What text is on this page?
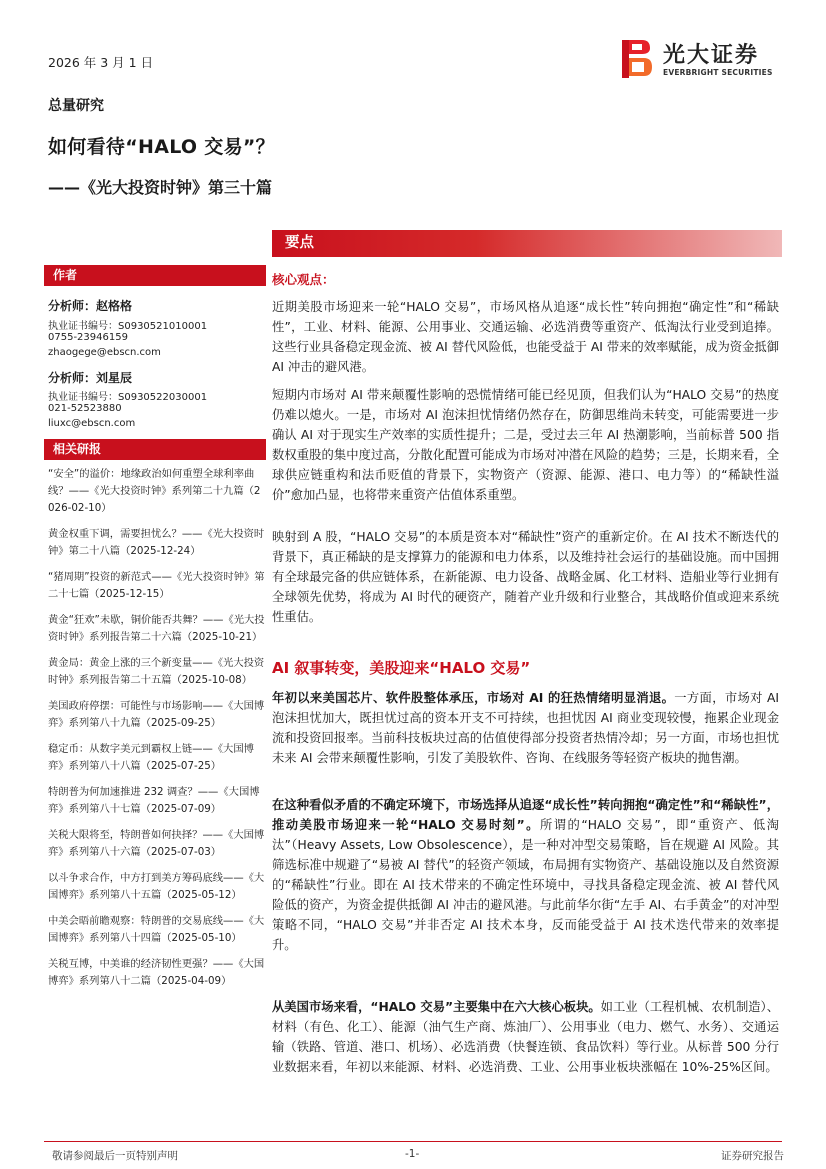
2026 年 3 月 1 日
总量研究
如何看待“HALO 交易”？
——《光大投资时钟》第三十篇
光大证券
EVERBRIGHT SECURITIES
作者
分析师：赵格格
执业证书编号：S0930521010001
0755-23946159
zhaogege@ebscn.com
分析师：刘星辰
执业证书编号：S0930522030001
021-52523880
liuxc@ebscn.com
相关研报
“安全”的溢价：地缘政治如何重塑全球利率曲线？——《光大投资时钟》系列第二十九篇（2026-02-10）
黄金权重下调，需要担忧么？——《光大投资时钟》第二十八篇（2025-12-24）
“猪周期”投资的新范式——《光大投资时钟》第二十七篇（2025-12-15）
黄金“狂欢”未歇，铜价能否共舞？——《光大投资时钟》系列报告第二十六篇（2025-10-21）
黄金局：黄金上涨的三个新变量——《光大投资时钟》系列报告第二十五篇（2025-10-08）
美国政府停摆：可能性与市场影响——《大国博弈》系列第八十九篇（2025-09-25）
稳定币：从数字美元到霸权上链——《大国博弈》系列第八十八篇（2025-07-25）
特朗普为何加速推进 232 调查？——《大国博弈》系列第八十七篇（2025-07-09）
关税大限将至，特朗普如何抉择？——《大国博弈》系列第八十六篇（2025-07-03）
以斗争求合作，中方打到美方筹码底线——《大国博弈》系列第八十五篇（2025-05-12）
中美会晤前瞻观察：特朗普的交易底线——《大国博弈》系列第八十四篇（2025-05-10）
关税互博，中美谁的经济韧性更强？——《大国博弈》系列第八十二篇（2025-04-09）
要点
核心观点：
近期美股市场迎来一轮“HALO 交易”，市场风格从追逐“成长性”转向拥抱“确定性”和“稀缺性”，工业、材料、能源、公用事业、交通运输、必选消费等重资产、低淘汰行业受到追捧。这些行业具备稳定现金流、被 AI 替代风险低，也能受益于 AI 带来的效率赋能，成为资金抵御 AI 冲击的避风港。
短期内市场对 AI 带来颠覆性影响的恐慌情绪可能已经见顶，但我们认为“HALO 交易”的热度仍难以熄火。一是，市场对 AI 泡沫担忧情绪仍然存在，防御思维尚未转变，可能需要进一步确认 AI 对于现实生产效率的实质性提升；二是，受过去三年 AI 热潮影响，当前标普 500 指数权重股的集中度过高，分散化配置可能成为市场对冲潜在风险的趋势；三是，长期来看，全球供应链重构和法币贬值的背景下，实物资产（资源、能源、港口、电力等）的“稀缺性溢价”愈加凸显，也将带来重资产估值体系重塑。
映射到 A 股，“HALO 交易”的本质是资本对“稀缺性”资产的重新定价。在 AI 技术不断迭代的背景下，真正稀缺的是支撑算力的能源和电力体系，以及维持社会运行的基础设施。而中国拥有全球最完备的供应链体系，在新能源、电力设备、战略金属、化工材料、造船业等行业拥有全球领先优势，将成为 AI 时代的硬资产，随着产业升级和行业整合，其战略价值或迎来系统性重估。
AI 叙事转变，美股迎来“HALO 交易”
年初以来美国芯片、软件股整体承压，市场对 AI 的狂热情绪明显消退。一方面，市场对 AI 泡沫担忧加大，既担忧过高的资本开支不可持续，也担忧因 AI 商业变现较慢，拖累企业现金流和投资回报率。当前科技板块过高的估值使得部分投资者热情冷却；另一方面，市场也担忧未来 AI 会带来颠覆性影响，引发了美股软件、咨询、在线服务等轻资产板块的抛售潮。
在这种看似矛盾的不确定环境下，市场选择从追逐“成长性”转向拥抱“确定性”和“稀缺性”，推动美股市场迎来一轮“HALO 交易时刻”。所谓的“HALO 交易”，即“重资产、低淘汰”（Heavy Assets, Low Obsolescence），是一种对冲型交易策略，旨在规避 AI 风险。其筛选标准中规避了“易被 AI 替代”的轻资产领域，布局拥有实物资产、基础设施以及自然资源的“稀缺性”行业。即在 AI 技术带来的不确定性环境中，寻找具备稳定现金流、被 AI 替代风险低的资产，为资金提供抵御 AI 冲击的避风港。与此前华尔街“左手 AI、右手黄金”的对冲型策略不同，“HALO 交易”并非否定 AI 技术本身，反而能受益于 AI 技术迭代带来的效率提升。
从美国市场来看，“HALO 交易”主要集中在六大核心板块。如工业（工程机械、农机制造）、材料（有色、化工）、能源（油气生产商、炼油厂）、公用事业（电力、燃气、水务）、交通运输（铁路、管道、港口、机场）、必选消费（快餐连锁、食品饮料）等行业。从标普 500 分行业数据来看，年初以来能源、材料、必选消费、工业、公用事业板块涨幅在 10%-25%区间。
敬请参阅最后一页特别声明	-1-	证券研究报告
